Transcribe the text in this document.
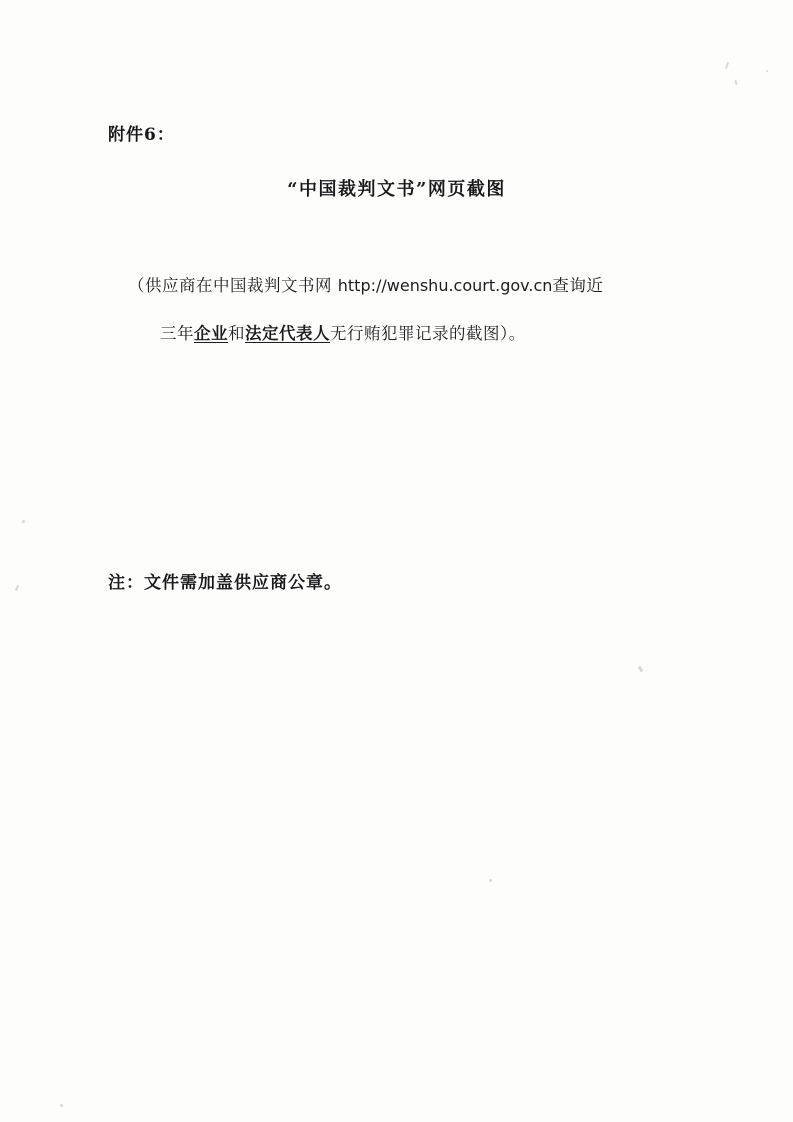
附件6：
“中国裁判文书”网页截图
（供应商在中国裁判文书网 http://wenshu.court.gov.cn查询近
三年企业和法定代表人无行贿犯罪记录的截图）。
注：文件需加盖供应商公章。
